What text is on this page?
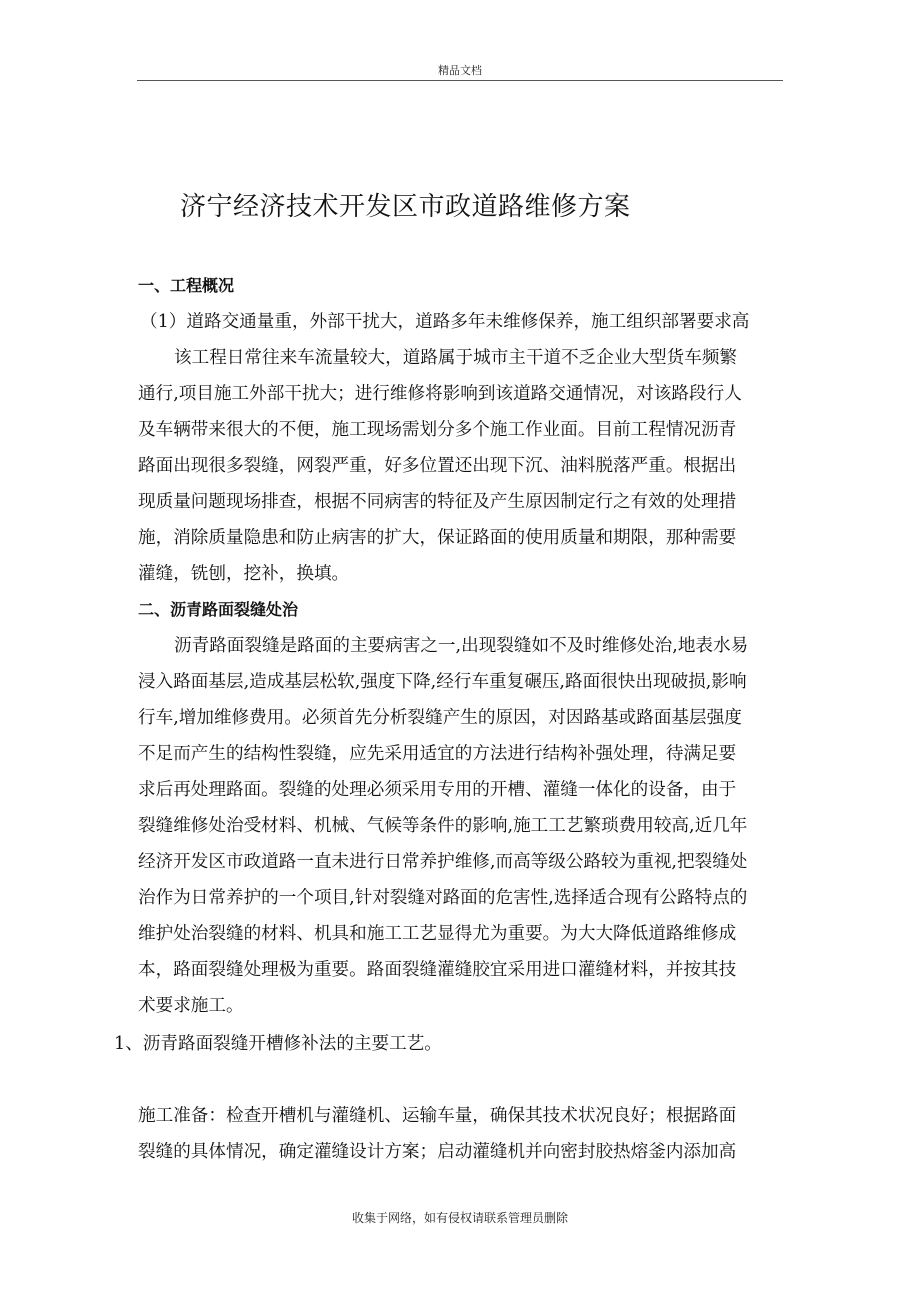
精品文档
济宁经济技术开发区市政道路维修方案
一、工程概况
（1）道路交通量重，外部干扰大，道路多年未维修保养，施工组织部署要求高
该工程日常往来车流量较大，道路属于城市主干道不乏企业大型货车频繁
通行,项目施工外部干扰大；进行维修将影响到该道路交通情况，对该路段行人
及车辆带来很大的不便，施工现场需划分多个施工作业面。目前工程情况沥青
路面出现很多裂缝，网裂严重，好多位置还出现下沉、油料脱落严重。根据出
现质量问题现场排查，根据不同病害的特征及产生原因制定行之有效的处理措
施，消除质量隐患和防止病害的扩大，保证路面的使用质量和期限，那种需要
灌缝，铣刨，挖补，换填。
二、沥青路面裂缝处治
沥青路面裂缝是路面的主要病害之一,出现裂缝如不及时维修处治,地表水易
浸入路面基层,造成基层松软,强度下降,经行车重复碾压,路面很快出现破损,影响
行车,增加维修费用。必须首先分析裂缝产生的原因，对因路基或路面基层强度
不足而产生的结构性裂缝，应先采用适宜的方法进行结构补强处理，待满足要
求后再处理路面。裂缝的处理必须采用专用的开槽、灌缝一体化的设备，由于
裂缝维修处治受材料、机械、气候等条件的影响,施工工艺繁琐费用较高,近几年
经济开发区市政道路一直未进行日常养护维修,而高等级公路较为重视,把裂缝处
治作为日常养护的一个项目,针对裂缝对路面的危害性,选择适合现有公路特点的
维护处治裂缝的材料、机具和施工工艺显得尤为重要。为大大降低道路维修成
本，路面裂缝处理极为重要。路面裂缝灌缝胶宜采用进口灌缝材料，并按其技
术要求施工。
1、沥青路面裂缝开槽修补法的主要工艺。
施工准备：检查开槽机与灌缝机、运输车量，确保其技术状况良好；根据路面
裂缝的具体情况，确定灌缝设计方案；启动灌缝机并向密封胶热熔釜内添加高
收集于网络，如有侵权请联系管理员删除
